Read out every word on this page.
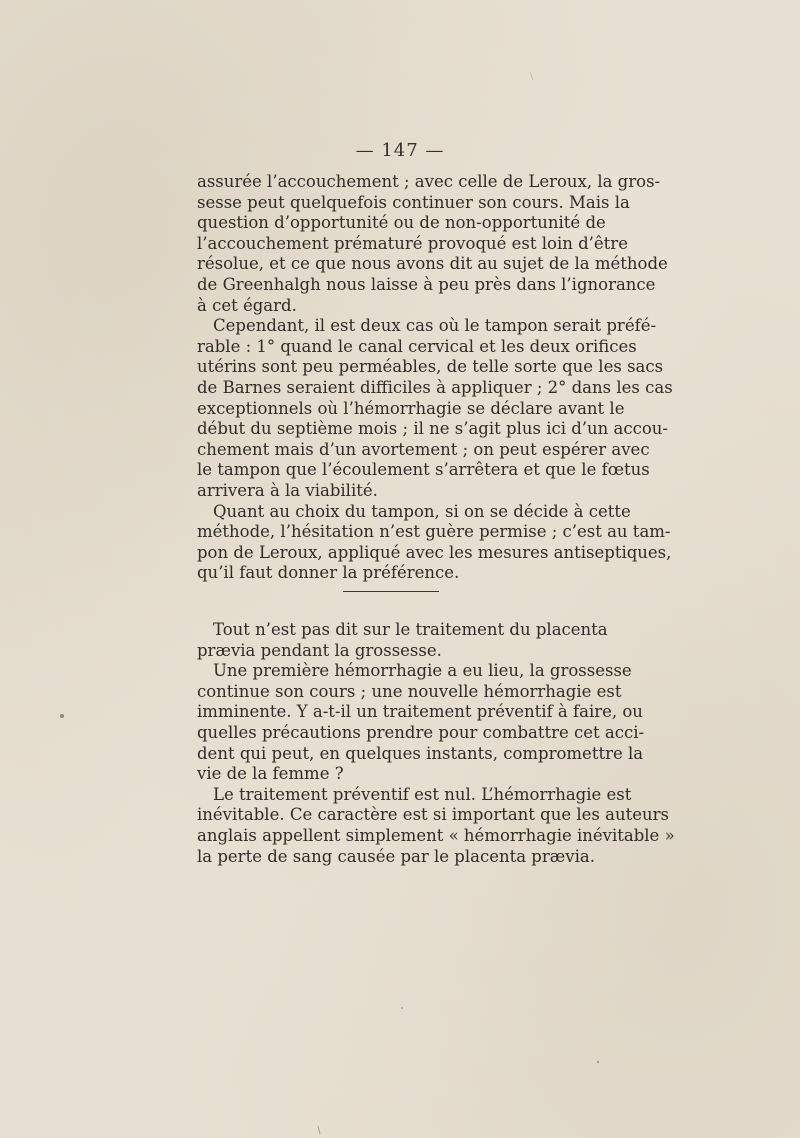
— 147 —
assurée l’accouchement ; avec celle de Leroux, la gros-
sesse peut quelquefois continuer son cours. Mais la
question d’opportunité ou de non-opportunité de
l’accouchement prématuré provoqué est loin d’être
résolue, et ce que nous avons dit au sujet de la méthode
de Greenhalgh nous laisse à peu près dans l’ignorance
à cet égard.
Cependant, il est deux cas où le tampon serait préfé-
rable : 1° quand le canal cervical et les deux orifices
utérins sont peu perméables, de telle sorte que les sacs
de Barnes seraient difficiles à appliquer ; 2° dans les cas
exceptionnels où l’hémorrhagie se déclare avant le
début du septième mois ; il ne s’agit plus ici d’un accou-
chement mais d’un avortement ; on peut espérer avec
le tampon que l’écoulement s’arrêtera et que le fœtus
arrivera à la viabilité.
Quant au choix du tampon, si on se décide à cette
méthode, l’hésitation n’est guère permise ; c’est au tam-
pon de Leroux, appliqué avec les mesures antiseptiques,
qu’il faut donner la préférence.
Tout n’est pas dit sur le traitement du placenta
prævia pendant la grossesse.
Une première hémorrhagie a eu lieu, la grossesse
continue son cours ; une nouvelle hémorrhagie est
imminente. Y a-t-il un traitement préventif à faire, ou
quelles précautions prendre pour combattre cet acci-
dent qui peut, en quelques instants, compromettre la
vie de la femme ?
Le traitement préventif est nul. L’hémorrhagie est
inévitable. Ce caractère est si important que les auteurs
anglais appellent simplement « hémorrhagie inévitable »
la perte de sang causée par le placenta prævia.
